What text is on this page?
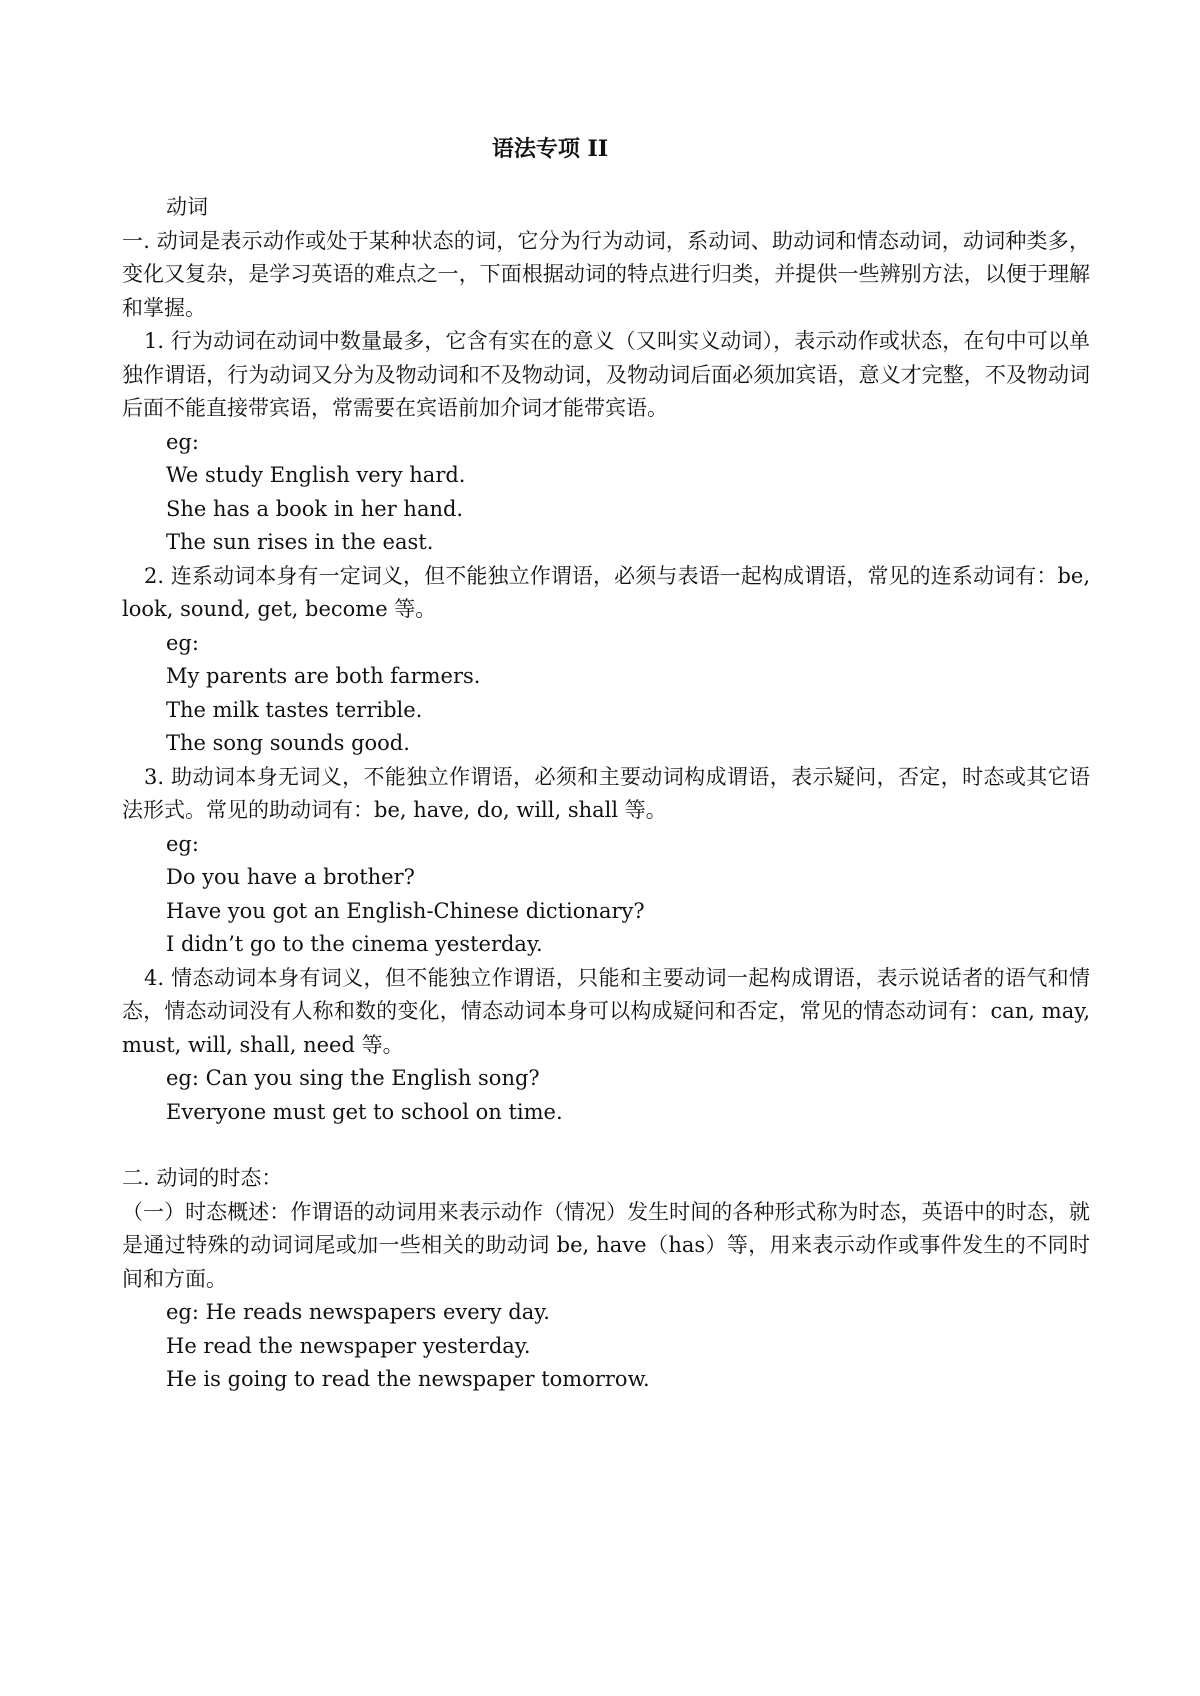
语法专项 II

动词

一. 动词是表示动作或处于某种状态的词，它分为行为动词，系动词、助动词和情态动词，动词种类多，变化又复杂，是学习英语的难点之一，下面根据动词的特点进行归类，并提供一些辨别方法，以便于理解和掌握。

1. 行为动词在动词中数量最多，它含有实在的意义（又叫实义动词），表示动作或状态，在句中可以单独作谓语，行为动词又分为及物动词和不及物动词，及物动词后面必须加宾语，意义才完整，不及物动词后面不能直接带宾语，常需要在宾语前加介词才能带宾语。

eg:

We study English very hard.

She has a book in her hand.

The sun rises in the east.

2. 连系动词本身有一定词义，但不能独立作谓语，必须与表语一起构成谓语，常见的连系动词有：be, look, sound, get, become 等。

eg:

My parents are both farmers.

The milk tastes terrible.

The song sounds good.

3. 助动词本身无词义，不能独立作谓语，必须和主要动词构成谓语，表示疑问，否定，时态或其它语法形式。常见的助动词有：be, have, do, will, shall 等。

eg:

Do you have a brother?

Have you got an English-Chinese dictionary?

I didn’t go to the cinema yesterday.

4. 情态动词本身有词义，但不能独立作谓语，只能和主要动词一起构成谓语，表示说话者的语气和情态，情态动词没有人称和数的变化，情态动词本身可以构成疑问和否定，常见的情态动词有：can, may, must, will, shall, need 等。

eg: Can you sing the English song?

Everyone must get to school on time.

二. 动词的时态：

（一）时态概述：作谓语的动词用来表示动作（情况）发生时间的各种形式称为时态，英语中的时态，就是通过特殊的动词词尾或加一些相关的助动词 be, have（has）等，用来表示动作或事件发生的不同时间和方面。

eg: He reads newspapers every day.

He read the newspaper yesterday.

He is going to read the newspaper tomorrow.
